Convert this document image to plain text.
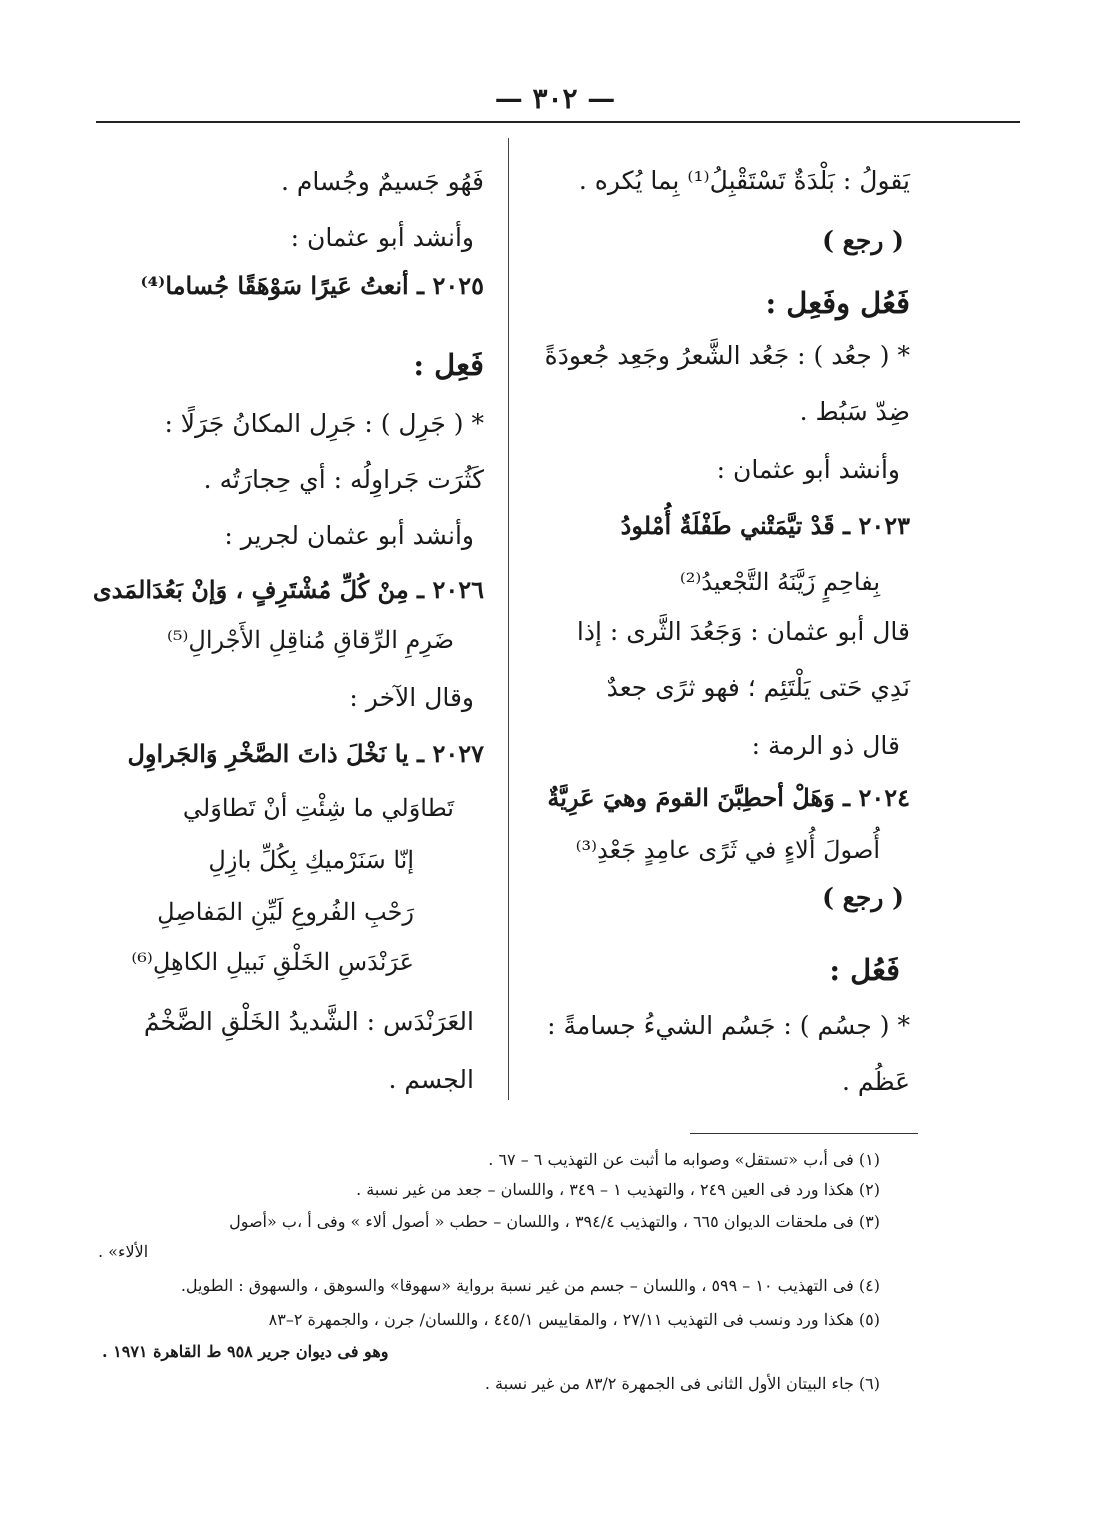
— ٣٠٢ —
يَقولُ : بَلْدَةٌ تَسْتَقْبِلُ⁽¹⁾ بِما يُكره .
( رجع )
فَعُل وفَعِل :
* ( جعُد ) : جَعُد الشَّعرُ وجَعِد جُعودَةً
ضِدّ سَبُط .
وأنشد أبو عثمان :
٢٠٢٣ ـ قَدْ تيَّمَتْني طَفْلَةٌ أُمْلودُ
بِفاحِمٍ زَيَّنَهُ التَّجْعيدُ⁽²⁾
قال أبو عثمان : وَجَعُدَ الثَّرى : إذا
نَدِي حَتى يَلْتَئِم ؛ فهو ثرًى جعدٌ
قال ذو الرمة :
٢٠٢٤ ـ وَهَلْ أحطِبَّنَ القومَ وهيَ عَرِيَّةٌ
أُصولَ أُلاءٍ في ثَرًى عامِدٍ جَعْدِ⁽³⁾
( رجع )
فَعُل :
* ( جسُم ) : جَسُم الشيءُ جسامةً :
عَظُم .
فَهُو جَسيمٌ وجُسام .
وأنشد أبو عثمان :
٢٠٢٥ ـ أنعتُ عَيرًا سَوْهَقًا جُساما⁽⁴⁾
فَعِل :
* ( جَرِل ) : جَرِل المكانُ جَرَلًا :
كَثُرَت جَراوِلُه : أي حِجارَتُه .
وأنشد أبو عثمان لجرير :
٢٠٢٦ ـ مِنْ كُلِّ مُشْتَرِفٍ ، وَإنْ بَعُدَالمَدى
ضَرِمِ الرِّقاقِ مُناقِلِ الأَجْرالِ⁽⁵⁾
وقال الآخر :
٢٠٢٧ ـ يا نَخْلَ ذاتَ الصَّخْرِ وَالجَراوِل
تَطاوَلي ما شِئْتِ أنْ تَطاوَلي
إنّا سَنَرْميكِ بِكُلِّ بازِلِ
رَحْبِ الفُروعِ لَيِّنِ المَفاصِلِ
عَرَنْدَسِ الخَلْقِ نَبيلِ الكاهِلِ⁽⁶⁾
العَرَنْدَس : الشَّديدُ الخَلْقِ الضَّخْمُ
الجسم .
(١) فى أ،ب «تستقل» وصوابه ما أثبت عن التهذيب ٦ – ٦٧ .
(٢) هكذا ورد فى العين ٢٤٩ ، والتهذيب ١ – ٣٤٩ ، واللسان – جعد من غير نسبة .
(٣) فى ملحقات الديوان ٦٦٥ ، والتهذيب ٣٩٤/٤ ، واللسان – حطب « أصول ألاء » وفى أ ،ب «أصول
الألاء» .
(٤) فى التهذيب ١٠ – ٥٩٩ ، واللسان – جسم من غير نسبة برواية «سهوقا» والسوهق ، والسهوق : الطويل.
(٥) هكذا ورد ونسب فى التهذيب ٢٧/١١ ، والمقاييس ٤٤٥/١ ، واللسان/ جرن ، والجمهرة ٢–٨٣
وهو فى ديوان جرير ٩٥٨ ط القاهرة ١٩٧١ .
(٦) جاء البيتان الأول الثانى فى الجمهرة ٨٣/٢ من غير نسبة .
